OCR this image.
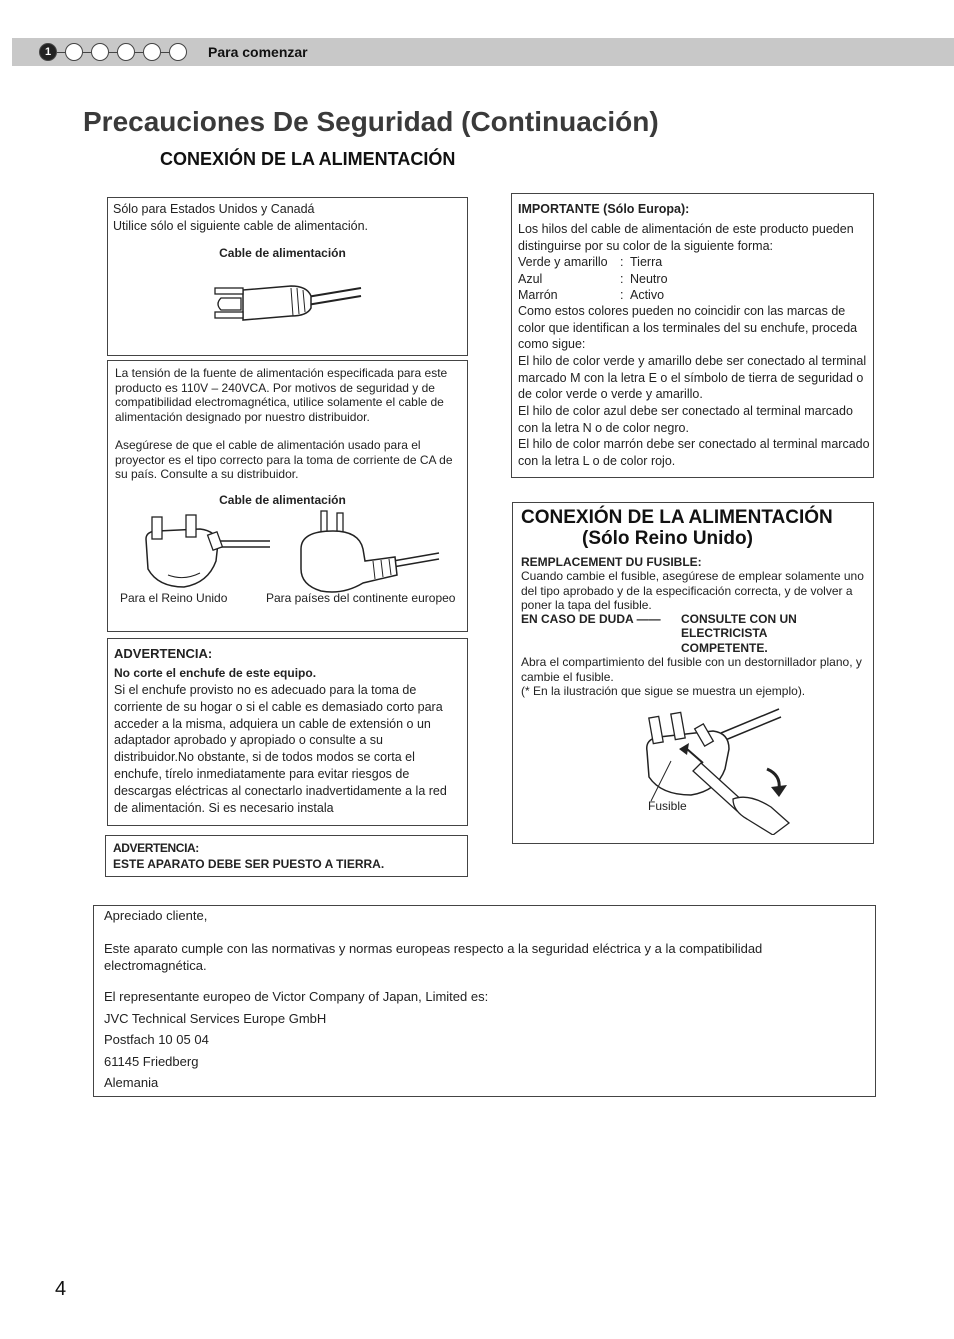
1	Para comenzar
Precauciones De Seguridad (Continuación)
CONEXIÓN DE LA ALIMENTACIÓN
Sólo para Estados Unidos y Canadá
Utilice sólo el siguiente cable de alimentación.
Cable de alimentación
La tensión de la fuente de alimentación especificada para este producto es 110V – 240VCA. Por motivos de seguridad y de compatibilidad electromagnética, utilice solamente el cable de alimentación designado por nuestro distribuidor.
Asegúrese de que el cable de alimentación usado para el proyector es el tipo correcto para la toma de corriente de CA de su país. Consulte a su distribuidor.
Cable de alimentación
Para el Reino Unido	Para países del continente europeo
ADVERTENCIA:
No corte el enchufe de este equipo.
Si el enchufe provisto no es adecuado para la toma de corriente de su hogar o si el cable es demasiado corto para acceder a la misma, adquiera un cable de extensión o un adaptador aprobado y apropiado o consulte a su distribuidor.No obstante, si de todos modos se corta el enchufe, tírelo inmediatamente para evitar riesgos de descargas eléctricas al conectarlo inadvertidamente a la red de alimentación. Si es necesario instala
ADVERTENCIA:
ESTE APARATO DEBE SER PUESTO A TIERRA.
IMPORTANTE (Sólo Europa):
Los hilos del cable de alimentación de este producto pueden distinguirse por su color de la siguiente forma:
Verde y amarillo : Tierra
Azul	: Neutro
Marrón	: Activo
Como estos colores pueden no coincidir con las marcas de color que identifican a los terminales del su enchufe, proceda como sigue:
El hilo de color verde y amarillo debe ser conectado al terminal marcado M con la letra E o el símbolo de tierra de seguridad o de color verde o verde y amarillo.
El hilo de color azul debe ser conectado al terminal marcado con la letra N o de color negro.
El hilo de color marrón debe ser conectado al terminal marcado con la letra L o de color rojo.
CONEXIÓN DE LA ALIMENTACIÓN
(Sólo Reino Unido)
REMPLACEMENT DU FUSIBLE:
Cuando cambie el fusible, asegúrese de emplear solamente uno del tipo aprobado y de la especificación correcta, y de volver a poner la tapa del fusible.
EN CASO DE DUDA —— CONSULTE CON UN
ELECTRICISTA
COMPETENTE.
Abra el compartimiento del fusible con un destornillador plano, y cambie el fusible.
(* En la ilustración que sigue se muestra un ejemplo).
Fusible
Apreciado cliente,
Este aparato cumple con las normativas y normas europeas respecto a la seguridad eléctrica y a la compatibilidad electromagnética.
El representante europeo de Victor Company of Japan, Limited es:
JVC Technical Services Europe GmbH
Postfach 10 05 04
61145 Friedberg
Alemania
4
